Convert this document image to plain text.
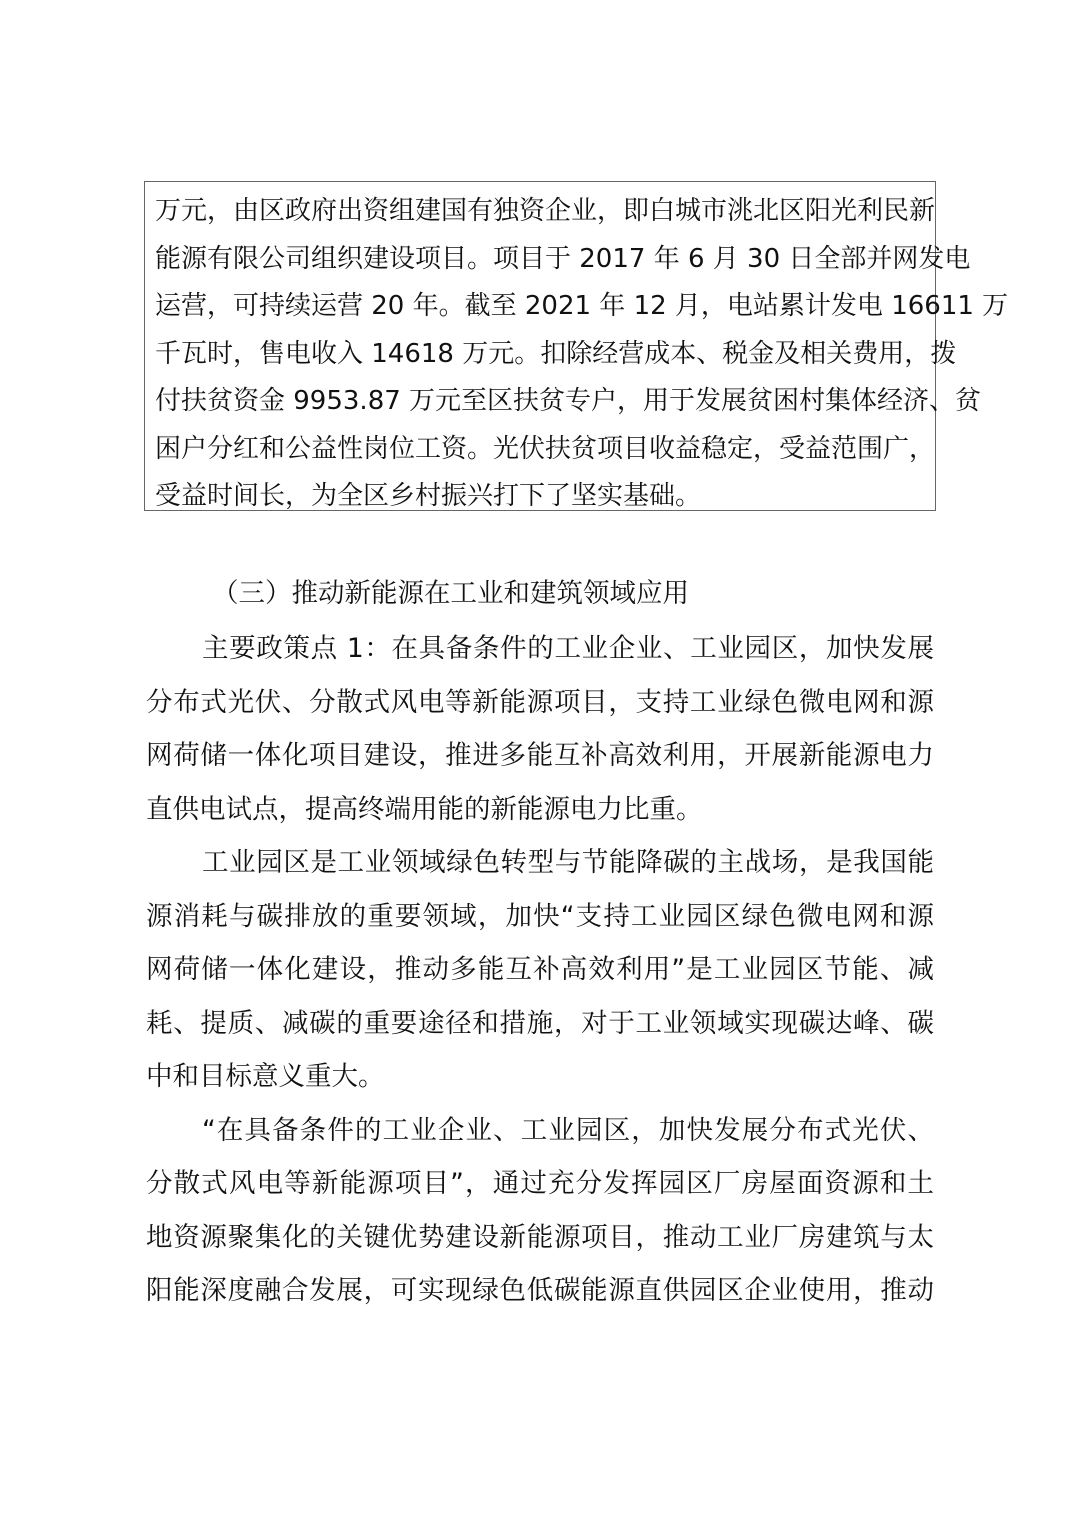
万元，由区政府出资组建国有独资企业，即白城市洮北区阳光利民新
能源有限公司组织建设项目。项目于 2017 年 6 月 30 日全部并网发电
运营，可持续运营 20 年。截至 2021 年 12 月，电站累计发电 16611 万
千瓦时，售电收入 14618 万元。扣除经营成本、税金及相关费用，拨
付扶贫资金 9953.87 万元至区扶贫专户，用于发展贫困村集体经济、贫
困户分红和公益性岗位工资。光伏扶贫项目收益稳定，受益范围广，
受益时间长，为全区乡村振兴打下了坚实基础。
（三）推动新能源在工业和建筑领域应用
主要政策点 1：在具备条件的工业企业、工业园区，加快发展
分布式光伏、分散式风电等新能源项目，支持工业绿色微电网和源
网荷储一体化项目建设，推进多能互补高效利用，开展新能源电力
直供电试点，提高终端用能的新能源电力比重。
工业园区是工业领域绿色转型与节能降碳的主战场，是我国能
源消耗与碳排放的重要领域，加快“支持工业园区绿色微电网和源
网荷储一体化建设，推动多能互补高效利用”是工业园区节能、减
耗、提质、减碳的重要途径和措施，对于工业领域实现碳达峰、碳
中和目标意义重大。
“在具备条件的工业企业、工业园区，加快发展分布式光伏、
分散式风电等新能源项目”，通过充分发挥园区厂房屋面资源和土
地资源聚集化的关键优势建设新能源项目，推动工业厂房建筑与太
阳能深度融合发展，可实现绿色低碳能源直供园区企业使用，推动
